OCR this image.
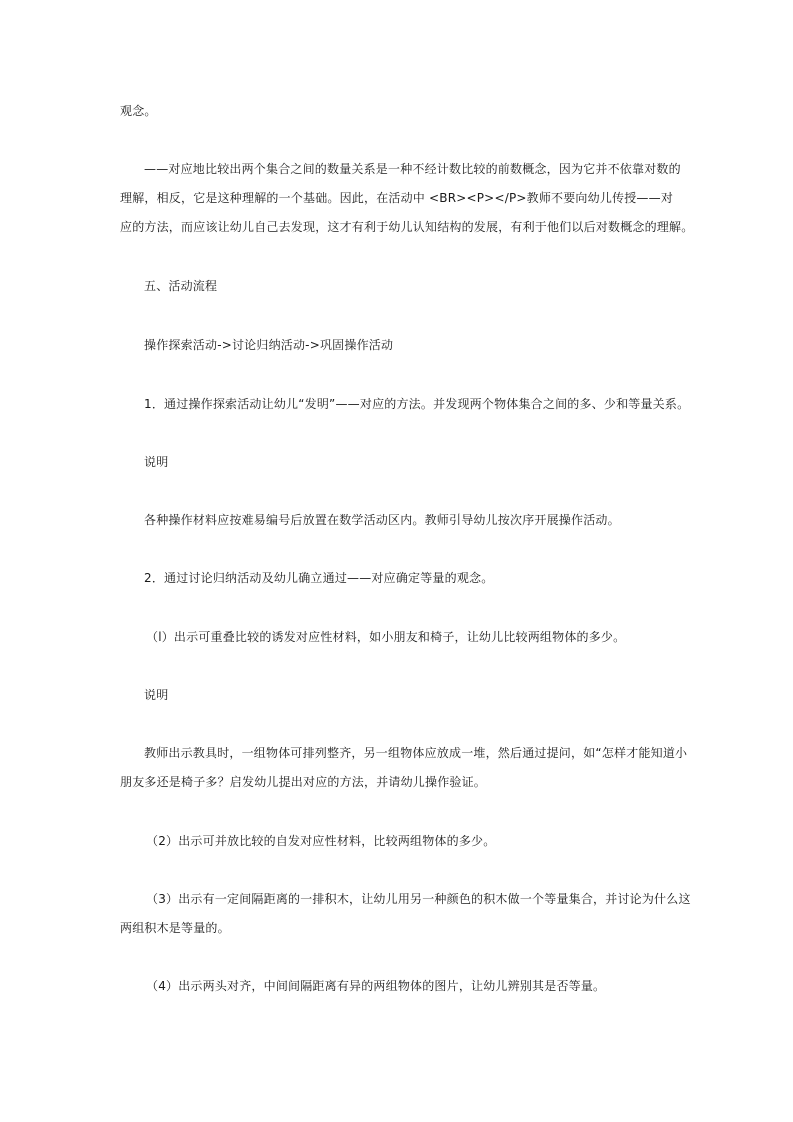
观念。
——对应地比较出两个集合之间的数量关系是一种不经计数比较的前数概念，因为它并不依靠对数的
理解，相反，它是这种理解的一个基础。因此，在活动中 <BR><P></P>教师不要向幼儿传授——对
应的方法，而应该让幼儿自己去发现，这才有利于幼儿认知结构的发展，有利于他们以后对数概念的理解。
五、活动流程
操作探索活动->讨论归纳活动->巩固操作活动
1．通过操作探索活动让幼儿“发明”——对应的方法。并发现两个物体集合之间的多、少和等量关系。
说明
各种操作材料应按难易编号后放置在数学活动区内。教师引导幼儿按次序开展操作活动。
2．通过讨论归纳活动及幼儿确立通过——对应确定等量的观念。
（l）出示可重叠比较的诱发对应性材料，如小朋友和椅子，让幼儿比较两组物体的多少。
说明
教师出示教具时，一组物体可排列整齐，另一组物体应放成一堆，然后通过提问，如“怎样才能知道小
朋友多还是椅子多？启发幼儿提出对应的方法，并请幼儿操作验证。
（2）出示可并放比较的自发对应性材料，比较两组物体的多少。
（3）出示有一定间隔距离的一排积木，让幼儿用另一种颜色的积木做一个等量集合，并讨论为什么这
两组积木是等量的。
（4）出示两头对齐，中间间隔距离有异的两组物体的图片，让幼儿辨别其是否等量。
